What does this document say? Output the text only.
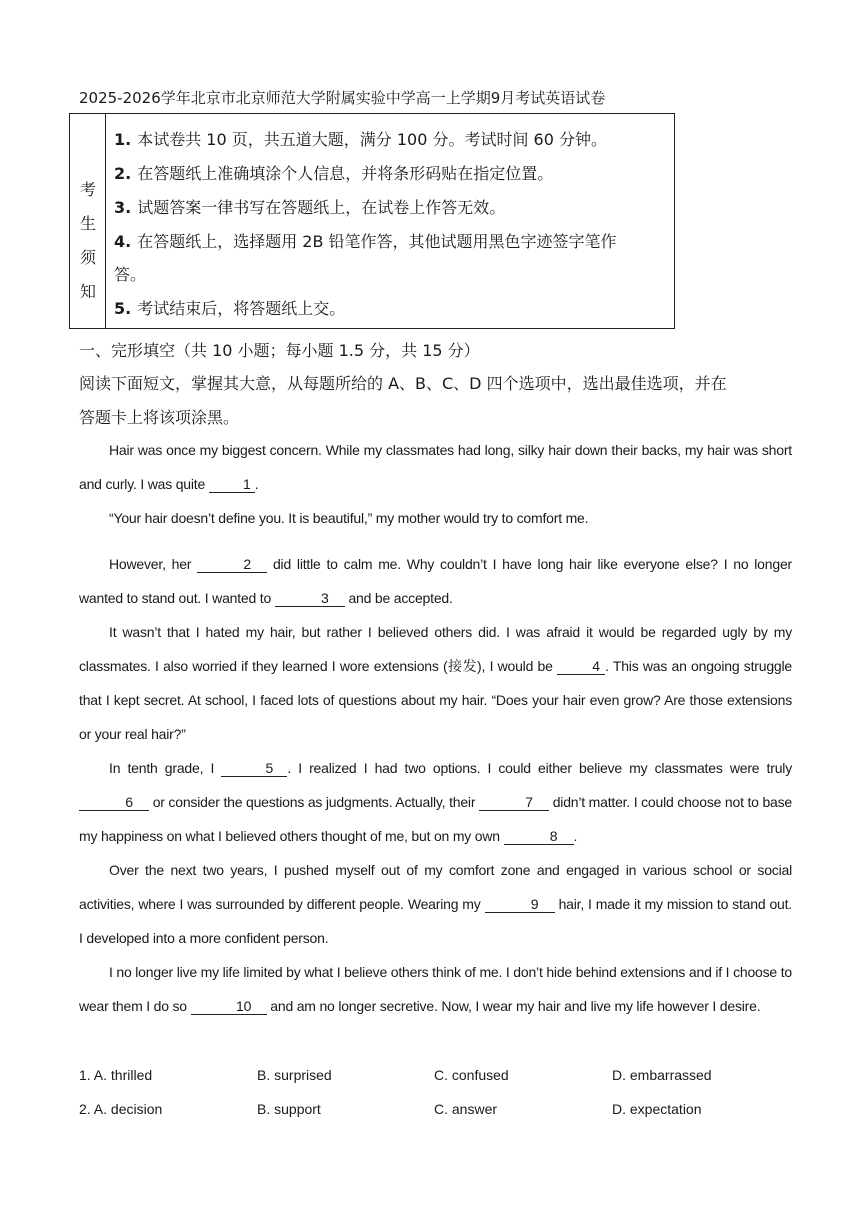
2025-2026学年北京市北京师范大学附属实验中学高一上学期9月考试英语试卷
考
生
须
知
1. 本试卷共 10 页，共五道大题，满分 100 分。考试时间 60 分钟。
2. 在答题纸上准确填涂个人信息，并将条形码贴在指定位置。
3. 试题答案一律书写在答题纸上，在试卷上作答无效。
4. 在答题纸上，选择题用 2B 铅笔作答，其他试题用黑色字迹签字笔作
答。
5. 考试结束后，将答题纸上交。
一、完形填空（共 10 小题；每小题 1.5 分，共 15 分）
阅读下面短文，掌握其大意，从每题所给的 A、B、C、D 四个选项中，选出最佳选项，并在
答题卡上将该项涂黑。

Hair was once my biggest concern. While my classmates had long, silky hair down their backs, my hair was short and curly. I was quite 1 .

“Your hair doesn’t define you. It is beautiful,” my mother would try to comfort me.

However, her	2 did little to calm me. Why couldn’t I have long hair like everyone else? I no longer wanted to stand out. I wanted to	3 and be accepted.

It wasn’t that I hated my hair, but rather I believed others did. I was afraid it would be regarded ugly by my classmates. I also worried if they learned I wore extensions (接发), I would be	4 . This was an ongoing struggle that I kept secret. At school, I faced lots of questions about my hair. “Does your hair even grow? Are those extensions or your real hair?”

In tenth grade, I	5 . I realized I had two options. I could either believe my classmates were truly 6 or consider the questions as judgments. Actually, their	7 didn’t matter. I could choose not to base my happiness on what I believed others thought of me, but on my own	8 .

Over the next two years, I pushed myself out of my comfort zone and engaged in various school or social activities, where I was surrounded by different people. Wearing my	9 hair, I made it my mission to stand out. I developed into a more confident person.

I no longer live my life limited by what I believe others think of me. I don’t hide behind extensions and if I choose to wear them I do so	10 and am no longer secretive. Now, I wear my hair and live my life however I desire.

1. A. thrilled	B. surprised	C. confused	D. embarrassed
2. A. decision	B. support	C. answer	D. expectation
